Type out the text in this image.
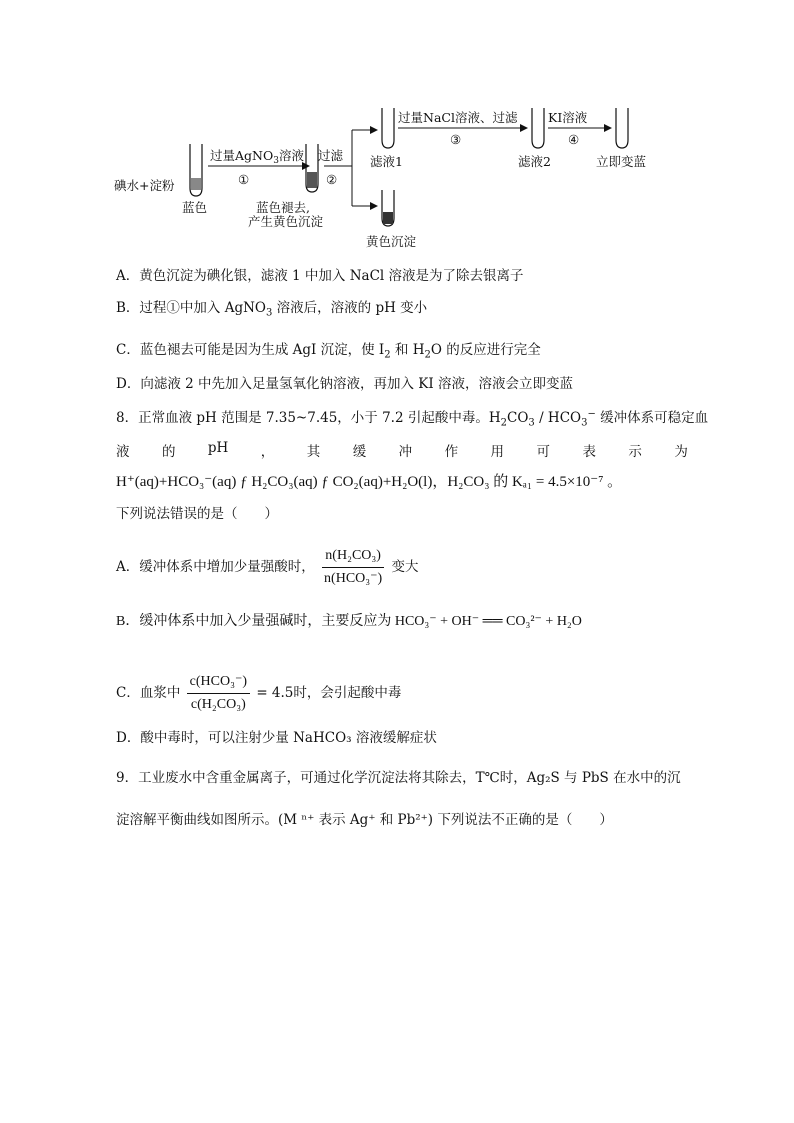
碘水+淀粉
蓝色
过量AgNO$_3$溶液
①
蓝色褪去,
产生黄色沉淀
过滤
②
滤液1
黄色沉淀
过量NaCl溶液、过滤
③
滤液2
KI溶液
④
立即变蓝
A．黄色沉淀为碘化银，滤液 1 中加入 NaCl 溶液是为了除去银离子
B．过程①中加入 AgNO$_3$ 溶液后，溶液的 pH 变小
C．蓝色褪去可能是因为生成 AgI 沉淀，使 $I_2$ 和 $H_2O$ 的反应进行完全
D．向滤液 2 中先加入足量氢氧化钠溶液，再加入 KI 溶液，溶液会立即变蓝
8．正常血液 pH 范围是 7.35~7.45，小于 7.2 引起酸中毒。$H_2CO_3 / HCO_3^-$ 缓冲体系可稳定血
液 的 pH ， 其 缓 冲 作 用 可 表 示 为
H⁺(aq)+HCO₃⁻(aq) ƒ H₂CO₃(aq) ƒ CO₂(aq)+H₂O(l)，H₂CO₃ 的 Kₐ₁ = 4.5×10⁻⁷ 。
下列说法错误的是（　　）
A．缓冲体系中增加少量强酸时， $\frac{\text{n(H₂CO₃)}}{\text{n(HCO₃⁻)}}$ 变大
B．缓冲体系中加入少量强碱时，主要反应为 HCO₃⁻ + OH⁻ ══ CO₃²⁻ + H₂O
C．血浆中 $\frac{\text{c(HCO₃⁻)}}{\text{c(H₂CO₃)}} = 4.5$时，会引起酸中毒
D．酸中毒时，可以注射少量 NaHCO₃ 溶液缓解症状
9．工业废水中含重金属离子，可通过化学沉淀法将其除去，T℃时，Ag₂S 与 PbS 在水中的沉
淀溶解平衡曲线如图所示。(M ⁿ⁺ 表示 Ag⁺ 和 Pb²⁺) 下列说法不正确的是（　　）
